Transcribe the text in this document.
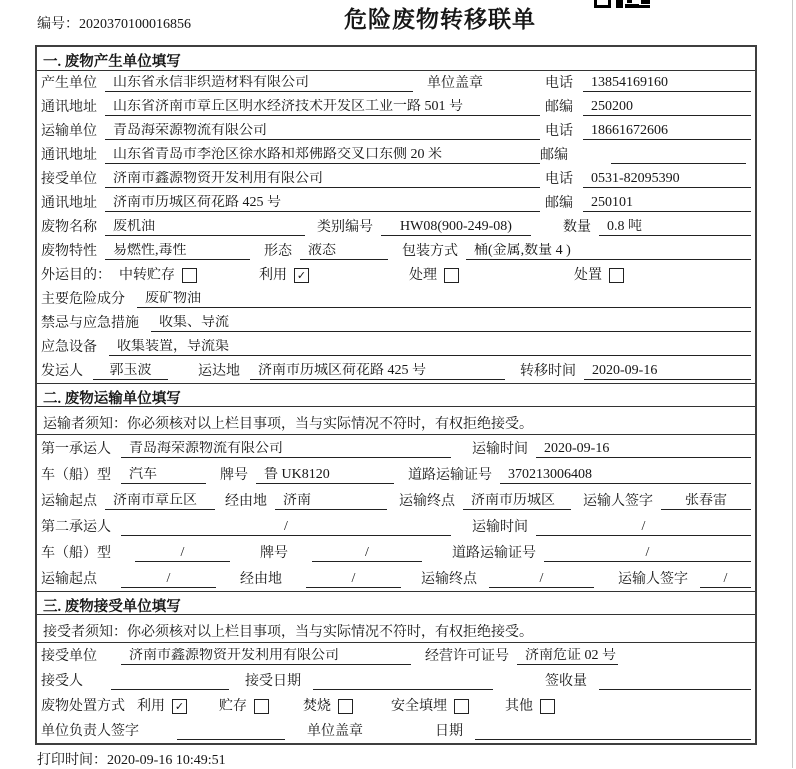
编号：2020370100016856	危险废物转移联单
一. 废物产生单位填写
产生单位	山东省永信非织造材料有限公司	单位盖章	电话	13854169160
通讯地址	山东省济南市章丘区明水经济技术开发区工业一路 501 号	邮编	250200
运输单位	青岛海荣源物流有限公司	电话	18661672606
通讯地址	山东省青岛市李沧区徐水路和郑佛路交叉口东侧 20 米	邮编
接受单位	济南市鑫源物资开发利用有限公司	电话	0531-82095390
通讯地址	济南市历城区荷花路 425 号	邮编	250101
废物名称	废机油	类别编号	HW08(900-249-08)	数量	0.8 吨
废物特性	易燃性,毒性	形态	液态	包装方式	桶(金属,数量 4 )
外运目的： 中转贮存	利用 ✓	处理	处置
主要危险成分	废矿物油
禁忌与应急措施	收集、导流
应急设备	收集装置，导流渠
发运人	郭玉波	运达地	济南市历城区荷花路 425 号	转移时间	2020-09-16
二. 废物运输单位填写
运输者须知：你必须核对以上栏目事项，当与实际情况不符时，有权拒绝接受。
第一承运人	青岛海荣源物流有限公司	运输时间	2020-09-16
车（船）型	汽车	牌号	鲁 UK8120	道路运输证号	370213006408
运输起点	济南市章丘区	经由地	济南	运输终点	济南市历城区	运输人签字	张春雷
第二承运人	/	运输时间	/
车（船）型	/	牌号	/	道路运输证号	/
运输起点	/	经由地	/	运输终点	/	运输人签字	/
三. 废物接受单位填写
接受者须知：你必须核对以上栏目事项，当与实际情况不符时，有权拒绝接受。
接受单位	济南市鑫源物资开发利用有限公司	经营许可证号	济南危证 02 号
接受人	接受日期	签收量
废物处置方式 利用 ✓ 贮存	焚烧	安全填埋	其他
单位负责人签字	单位盖章	日期
打印时间：2020-09-16 10:49:51
